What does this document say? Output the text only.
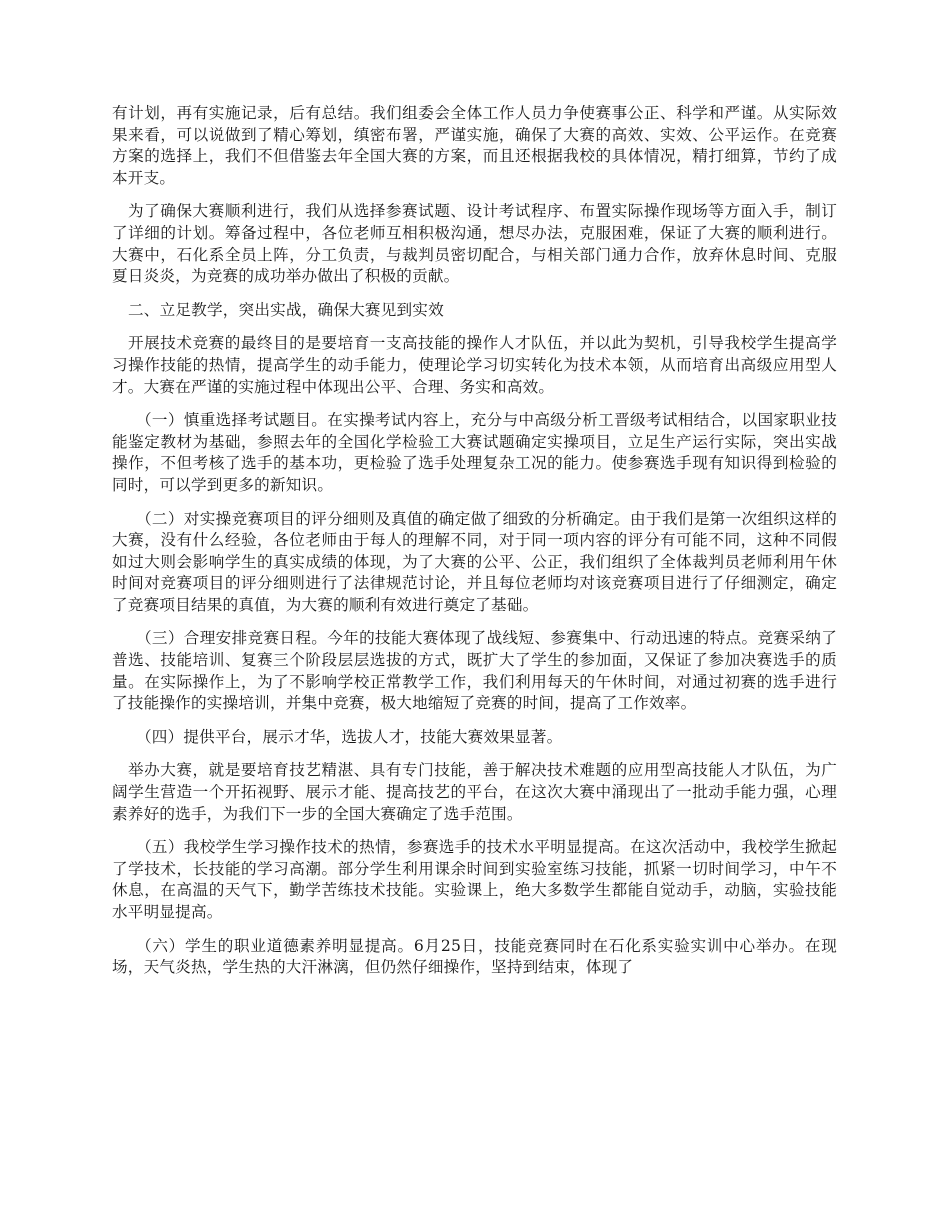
有计划，再有实施记录，后有总结。我们组委会全体工作人员力争使赛事公正、科学和严谨。从实际效果来看，可以说做到了精心筹划，缜密布署，严谨实施，确保了大赛的高效、实效、公平运作。在竞赛方案的选择上，我们不但借鉴去年全国大赛的方案，而且还根据我校的具体情况，精打细算，节约了成本开支。

为了确保大赛顺利进行，我们从选择参赛试题、设计考试程序、布置实际操作现场等方面入手，制订了详细的计划。筹备过程中，各位老师互相积极沟通，想尽办法，克服困难，保证了大赛的顺利进行。大赛中，石化系全员上阵，分工负责，与裁判员密切配合，与相关部门通力合作，放弃休息时间、克服夏日炎炎，为竞赛的成功举办做出了积极的贡献。

二、立足教学，突出实战，确保大赛见到实效

开展技术竞赛的最终目的是要培育一支高技能的操作人才队伍，并以此为契机，引导我校学生提高学习操作技能的热情，提高学生的动手能力，使理论学习切实转化为技术本领，从而培育出高级应用型人才。大赛在严谨的实施过程中体现出公平、合理、务实和高效。

（一）慎重选择考试题目。在实操考试内容上，充分与中高级分析工晋级考试相结合，以国家职业技能鉴定教材为基础，参照去年的全国化学检验工大赛试题确定实操项目，立足生产运行实际，突出实战操作，不但考核了选手的基本功，更检验了选手处理复杂工况的能力。使参赛选手现有知识得到检验的同时，可以学到更多的新知识。

（二）对实操竞赛项目的评分细则及真值的确定做了细致的分析确定。由于我们是第一次组织这样的大赛，没有什么经验，各位老师由于每人的理解不同，对于同一项内容的评分有可能不同，这种不同假如过大则会影响学生的真实成绩的体现，为了大赛的公平、公正，我们组织了全体裁判员老师利用午休时间对竞赛项目的评分细则进行了法律规范讨论，并且每位老师均对该竞赛项目进行了仔细测定，确定了竞赛项目结果的真值，为大赛的顺利有效进行奠定了基础。

（三）合理安排竞赛日程。今年的技能大赛体现了战线短、参赛集中、行动迅速的特点。竞赛采纳了普选、技能培训、复赛三个阶段层层选拔的方式，既扩大了学生的参加面，又保证了参加决赛选手的质量。在实际操作上，为了不影响学校正常教学工作，我们利用每天的午休时间，对通过初赛的选手进行了技能操作的实操培训，并集中竞赛，极大地缩短了竞赛的时间，提高了工作效率。

（四）提供平台，展示才华，选拔人才，技能大赛效果显著。

举办大赛，就是要培育技艺精湛、具有专门技能，善于解决技术难题的应用型高技能人才队伍，为广阔学生营造一个开拓视野、展示才能、提高技艺的平台，在这次大赛中涌现出了一批动手能力强，心理素养好的选手，为我们下一步的全国大赛确定了选手范围。

（五）我校学生学习操作技术的热情，参赛选手的技术水平明显提高。在这次活动中，我校学生掀起了学技术，长技能的学习高潮。部分学生利用课余时间到实验室练习技能，抓紧一切时间学习，中午不休息，在高温的天气下，勤学苦练技术技能。实验课上，绝大多数学生都能自觉动手，动脑，实验技能水平明显提高。

（六）学生的职业道德素养明显提高。6月25日，技能竞赛同时在石化系实验实训中心举办。在现场，天气炎热，学生热的大汗淋漓，但仍然仔细操作，坚持到结束，体现了
